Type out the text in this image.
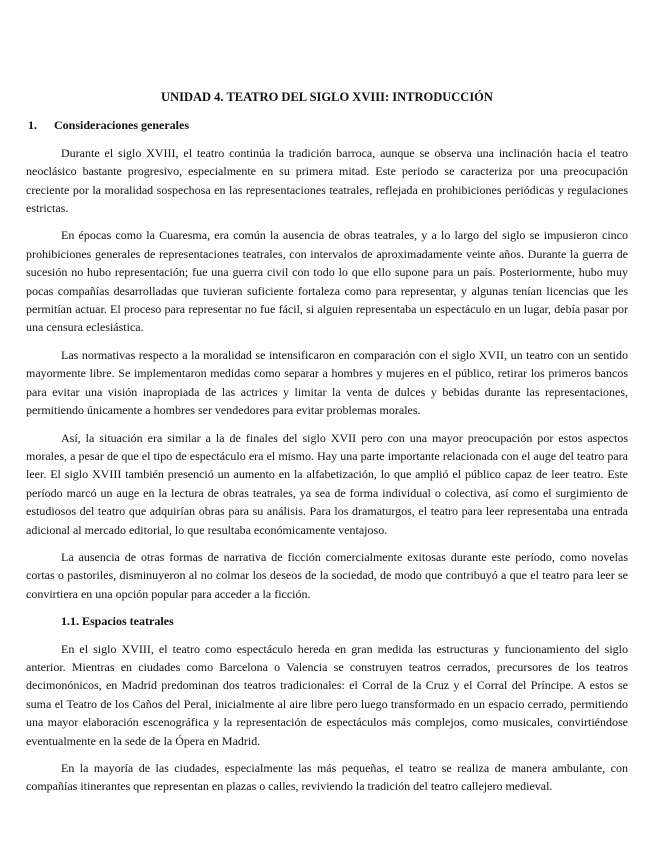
UNIDAD 4. TEATRO DEL SIGLO XVIII: INTRODUCCIÓN
1.	Consideraciones generales

Durante el siglo XVIII, el teatro continúa la tradición barroca, aunque se observa una inclinación hacia el teatro neoclásico bastante progresivo, especialmente en su primera mitad. Este periodo se caracteriza por una preocupación creciente por la moralidad sospechosa en las representaciones teatrales, reflejada en prohibiciones periódicas y regulaciones estrictas.

En épocas como la Cuaresma, era común la ausencia de obras teatrales, y a lo largo del siglo se impusieron cinco prohibiciones generales de representaciones teatrales, con intervalos de aproximadamente veinte años. Durante la guerra de sucesión no hubo representación; fue una guerra civil con todo lo que ello supone para un país. Posteriormente, hubo muy pocas compañías desarrolladas que tuvieran suficiente fortaleza como para representar, y algunas tenían licencias que les permitían actuar. El proceso para representar no fue fácil, si alguien representaba un espectáculo en un lugar, debía pasar por una censura eclesiástica.

Las normativas respecto a la moralidad se intensificaron en comparación con el siglo XVII, un teatro con un sentido mayormente libre. Se implementaron medidas como separar a hombres y mujeres en el público, retirar los primeros bancos para evitar una visión inapropiada de las actrices y limitar la venta de dulces y bebidas durante las representaciones, permitiendo únicamente a hombres ser vendedores para evitar problemas morales.

Así, la situación era similar a la de finales del siglo XVII pero con una mayor preocupación por estos aspectos morales, a pesar de que el tipo de espectáculo era el mismo. Hay una parte importante relacionada con el auge del teatro para leer. El siglo XVIII también presenció un aumento en la alfabetización, lo que amplió el público capaz de leer teatro. Este período marcó un auge en la lectura de obras teatrales, ya sea de forma individual o colectiva, así como el surgimiento de estudiosos del teatro que adquirían obras para su análisis. Para los dramaturgos, el teatro para leer representaba una entrada adicional al mercado editorial, lo que resultaba económicamente ventajoso.

La ausencia de otras formas de narrativa de ficción comercialmente exitosas durante este período, como novelas cortas o pastoriles, disminuyeron al no colmar los deseos de la sociedad, de modo que contribuyó a que el teatro para leer se convirtiera en una opción popular para acceder a la ficción.

1.1. Espacios teatrales

En el siglo XVIII, el teatro como espectáculo hereda en gran medida las estructuras y funcionamiento del siglo anterior. Mientras en ciudades como Barcelona o Valencia se construyen teatros cerrados, precursores de los teatros decimonónicos, en Madrid predominan dos teatros tradicionales: el Corral de la Cruz y el Corral del Príncipe. A estos se suma el Teatro de los Caños del Peral, inicialmente al aire libre pero luego transformado en un espacio cerrado, permitiendo una mayor elaboración escenográfica y la representación de espectáculos más complejos, como musicales, convirtiéndose eventualmente en la sede de la Ópera en Madrid.

En la mayoría de las ciudades, especialmente las más pequeñas, el teatro se realiza de manera ambulante, con compañías itinerantes que representan en plazas o calles, reviviendo la tradición del teatro callejero medieval.
